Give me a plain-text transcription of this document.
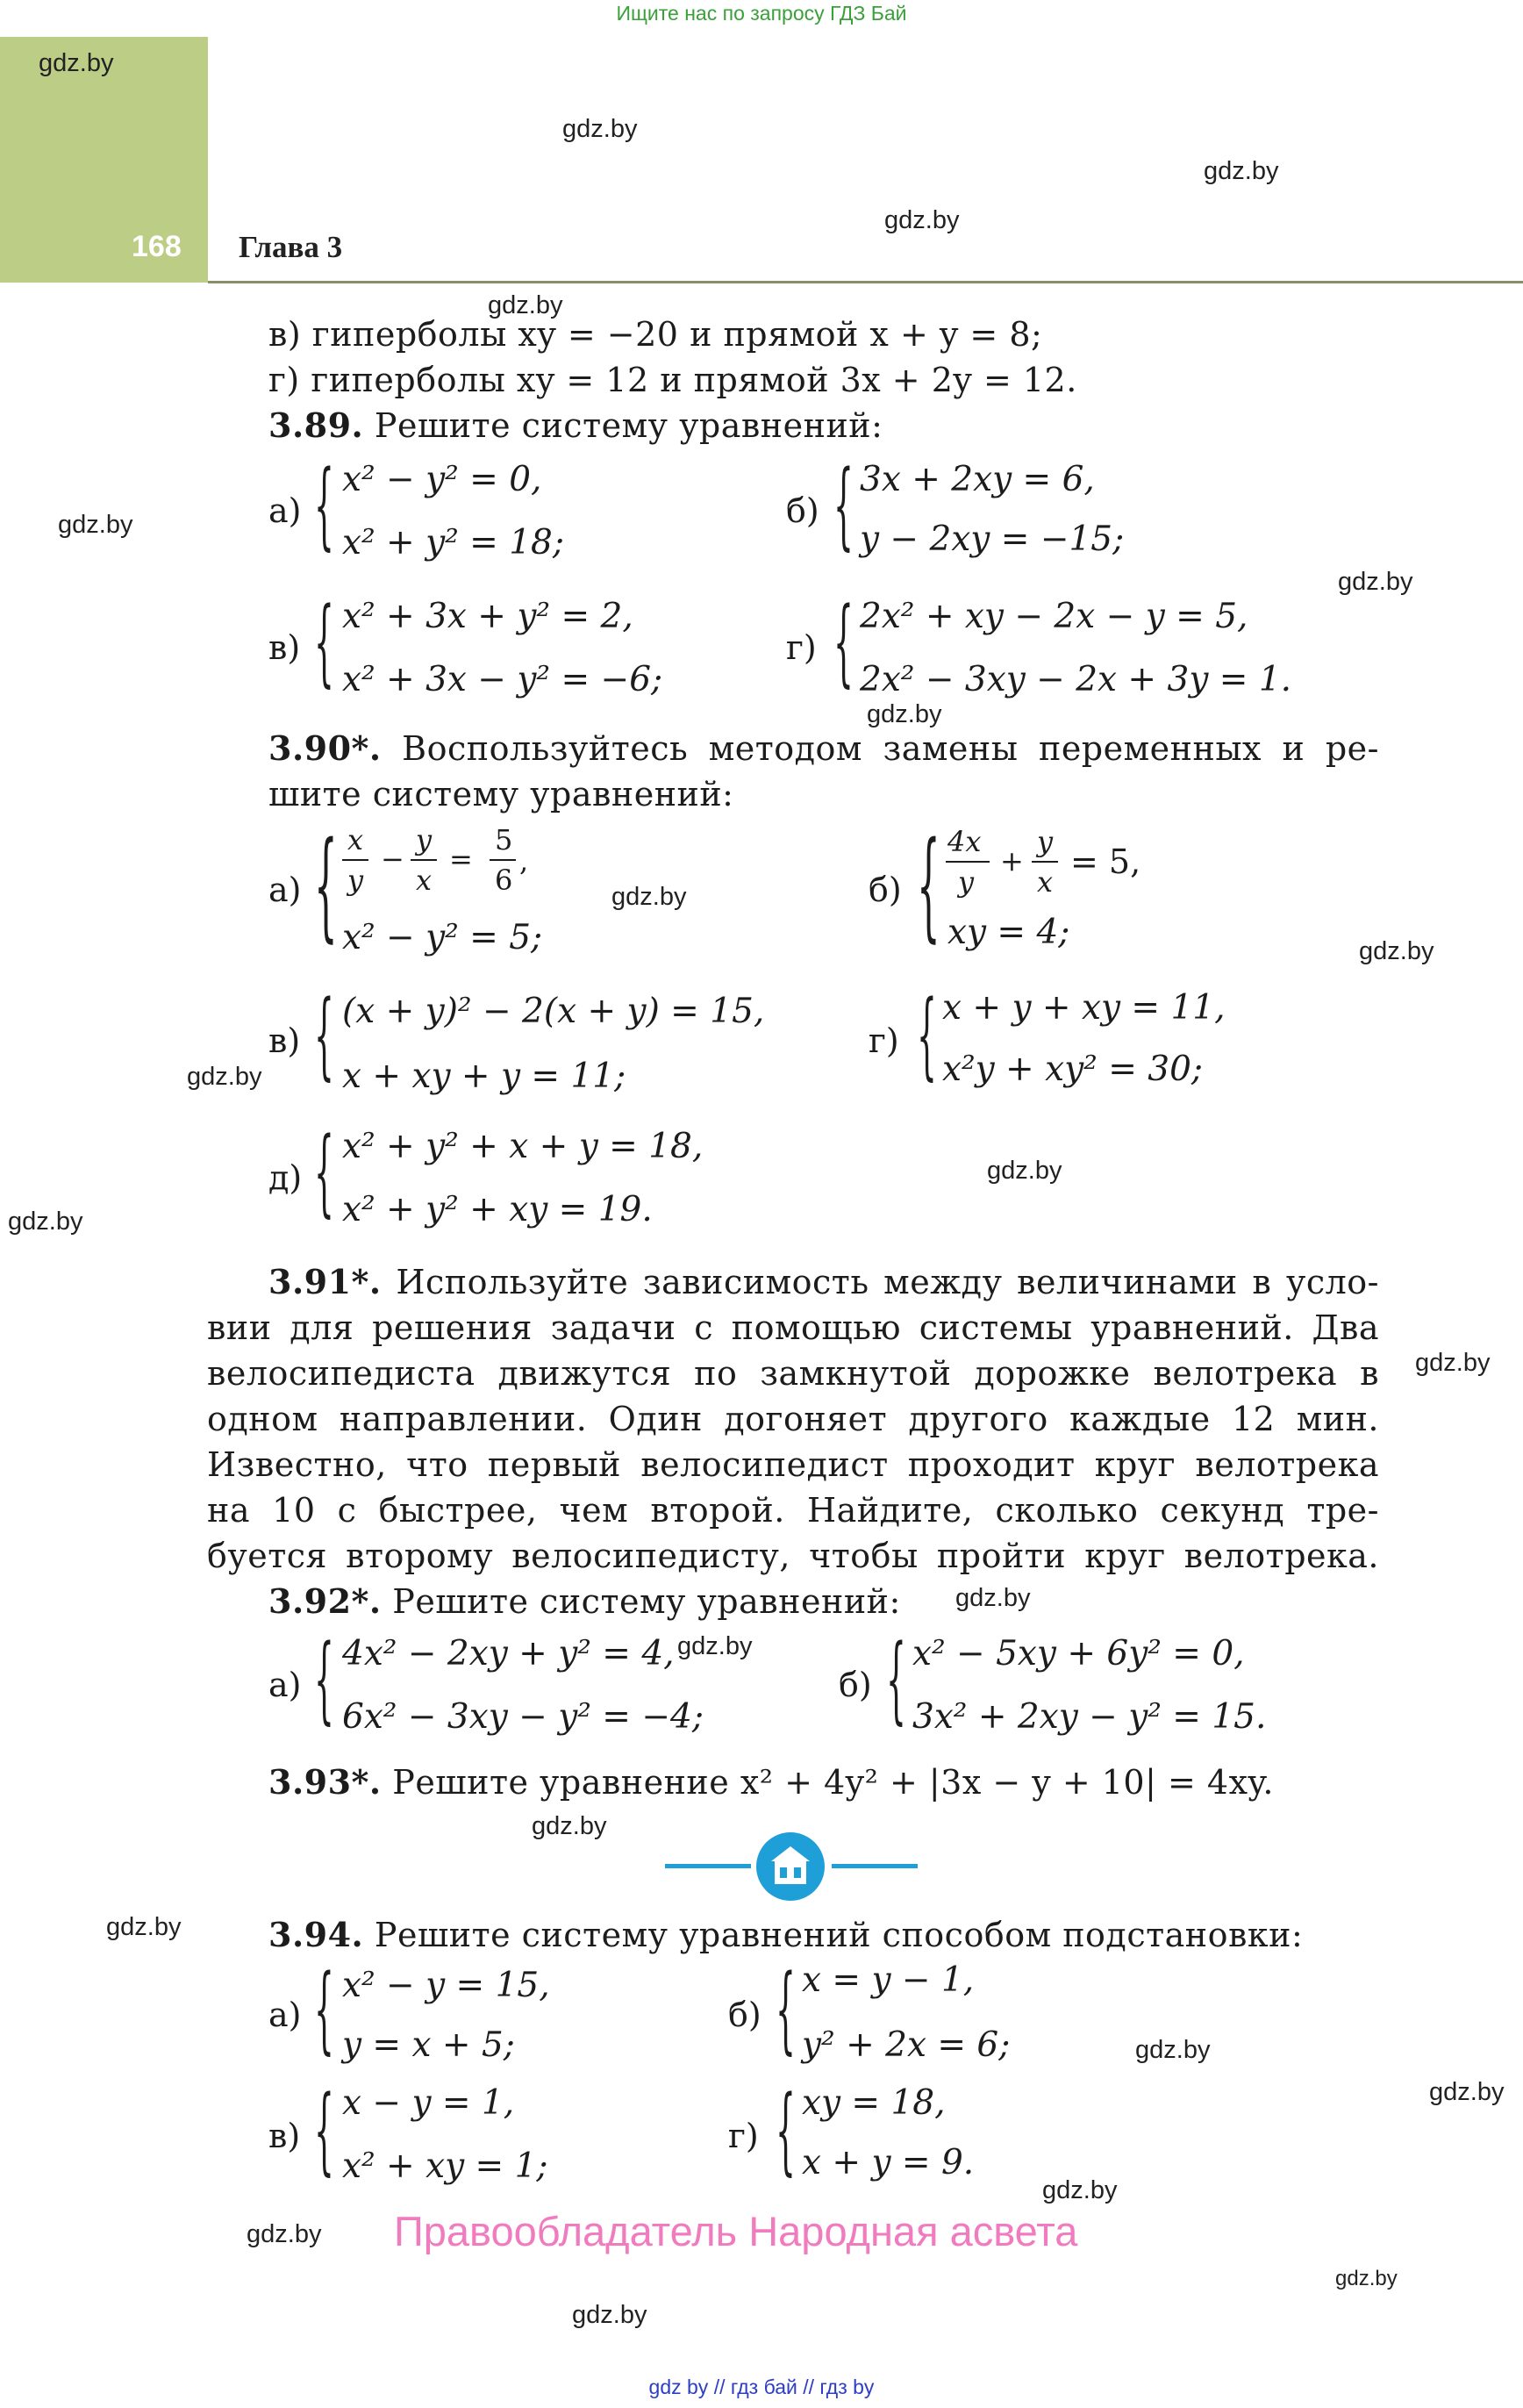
Ищите нас по запросу ГДЗ Бай
168 Глава 3
gdz.by
gdz.by
gdz.by
gdz.by
gdz.by
gdz.by
gdz.by
gdz.by
gdz.by
gdz.by
gdz.by
gdz.by
gdz.by
gdz.by
gdz.by
gdz.by
gdz.by
gdz.by
gdz.by
gdz.by
gdz.by
gdz.by
gdz.by
gdz.by
в) гиперболы xy = −20 и прямой x + y = 8;
г) гиперболы xy = 12 и прямой 3x + 2y = 12.
3.89. Решите систему уравнений:
а) { x² − y² = 0,
x² + y² = 18;
б) { 3x + 2xy = 6,
y − 2xy = −15;
в) { x² + 3x + y² = 2,
x² + 3x − y² = −6;
г) { 2x² + xy − 2x − y = 5,
2x² − 3xy − 2x + 3y = 1.
3.90*. Воспользуйтесь методом замены переменных и ре-
шите систему уравнений:
а) { x
y
−
y
x
=
5
6
,
x² − y² = 5;
б) { 4x
y
+
y
x
= 5,
xy = 4;
в) { (x + y)² − 2(x + y) = 15,
x + xy + y = 11;
г) { x + y + xy = 11,
x²y + xy² = 30;
д) { x² + y² + x + y = 18,
x² + y² + xy = 19.
3.91*. Используйте зависимость между величинами в усло-
вии для решения задачи с помощью системы уравнений. Два
велосипедиста движутся по замкнутой дорожке велотрека в
одном направлении. Один догоняет другого каждые 12 мин.
Известно, что первый велосипедист проходит круг велотрека
на 10 с быстрее, чем второй. Найдите, сколько секунд тре-
буется второму велосипедисту, чтобы пройти круг велотрека.
3.92*. Решите систему уравнений:
а) { 4x² − 2xy + y² = 4,
6x² − 3xy − y² = −4;
б) { x² − 5xy + 6y² = 0,
3x² + 2xy − y² = 15.
3.93*. Решите уравнение x² + 4y² + |3x − y + 10| = 4xy.
3.94. Решите систему уравнений способом подстановки:
а) { x² − y = 15,
y = x + 5;
б) { x = y − 1,
y² + 2x = 6;
в) { x − y = 1,
x² + xy = 1;
г) { xy = 18,
x + y = 9.
Правообладатель Народная асвета
gdz by // гдз бай // гдз by
